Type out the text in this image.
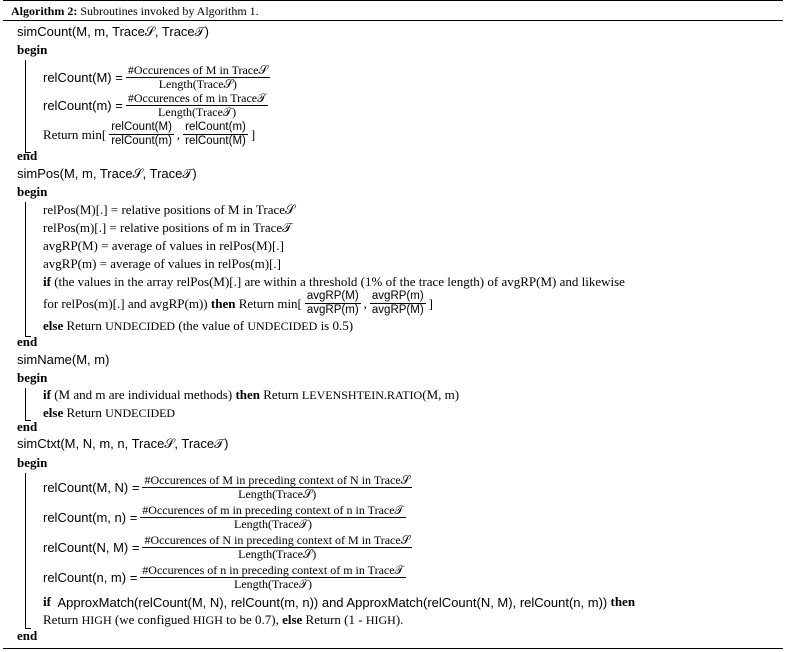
Algorithm 2: Subroutines invoked by Algorithm 1.
simCount(M, m, Trace𝒮, Trace𝒯)
begin
relCount(M) = $\frac{\text{\#Occurences of M in Trace𝒮}}{\text{Length(Trace𝒮)}}$
relCount(m) = $\frac{\text{\#Occurences of m in Trace𝒯}}{\text{Length(Trace𝒯)}}$
Return $\min[ \frac{\text{relCount(M)}}{\text{relCount(m)}}$ , $\frac{\text{relCount(m)}}{\text{relCount(M)}}$ ]
end
simPos(M, m, Trace𝒮, Trace𝒯)
begin
relPos(M)[.] = relative positions of M in Trace𝒮
relPos(m)[.] = relative positions of m in Trace𝒯
avgRP(M) = average of values in relPos(M)[.]
avgRP(m) = average of values in relPos(m)[.]
if
(the values in the array relPos(M)[.] are within a threshold (1% of the trace length) of avgRP(M) and likewise
for relPos(m)[.] and avgRP(m))
then
Return $\min[ \frac{\text{avgRP(M)}}{\text{avgRP(m)}}$ , $\frac{\text{avgRP(m)}}{\text{avgRP(M)}}$ ]
else
Return
UNDECIDED
(the value of
UNDECIDED
is 0.5)
end
simName(M, m)
begin
if
(M and m are individual methods)
then
Return
LEVENSHTEIN.RATIO (M, m)
else
Return
UNDECIDED
end
simCtxt(M, N, m, n, Trace𝒮, Trace𝒯)
begin
relCount(M, $N) = \frac{\text{\#Occurences of M in preceding context of N in Trace𝒮}}{\text{Length(Trace𝒮)}}$
relCount(m, $n) = \frac{\text{\#Occurences of m in preceding context of n in Trace𝒯}}{\text{Length(Trace𝒯)}}$
relCount(N, $M) = \frac{\text{\#Occurences of N in preceding context of M in Trace𝒮}}{\text{Length(Trace𝒮)}}$
relCount(n, $m) = \frac{\text{\#Occurences of n in preceding context of m in Trace𝒯}}{\text{Length(Trace𝒯)}}$
if
ApproxMatch(relCount(M, N), relCount(m, n)) and ApproxMatch(relCount(N, M), relCount(n, m))
then
Return
HIGH
(we configued
HIGH
to be 0.7),
else
Return (1 -
HIGH ).
end
